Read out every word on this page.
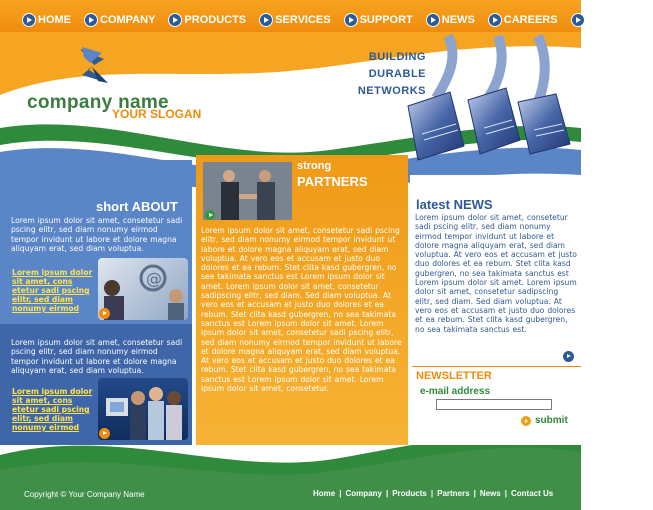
HOME	COMPANY	PRODUCTS	SERVICES	SUPPORT	NEWS	CAREERS	CONTACT US
company name
YOUR SLOGAN
BUILDING
DURABLE
NETWORKS
short ABOUT
Lorem ipsum dolor sit amet, consetetur sadi pscing elitr, sed diam nonumy eirmod tempor invidunt ut labore et dolore magna aliquyam erat, sed diam voluptua.
Lorem ipsum dolor sit amet, cons etetur sadi pscing elitr, sed diam nonumy eirmod
@
Lorem ipsum dolor sit amet, consetetur sadi pscing elitr, sed diam nonumy eirmod tempor invidunt ut labore et dolore magna aliquyam erat, sed diam voluptua.
Lorem ipsum dolor sit amet, cons etetur sadi pscing elitr, sed diam nonumy eirmod
strong
PARTNERS
Lorem ipsum dolor sit amet, consetetur sadi pscing elitr, sed diam nonumy eirmod tempor invidunt ut labore et dolore magna aliquyam erat, sed diam voluptua. At vero eos et accusam et justo duo dolores et ea rebum. Stet clita kasd gubergren, no sea takimata sanctus est Lorem ipsum dolor sit amet. Lorem ipsum dolor sit amet, consetetur sadipscing elitr, sed diam. Sed diam voluptua. At vero eos et accusam et justo duo dolores et ea rebum. Stet clita kasd gubergren, no sea takimata sanctus est Lorem ipsum dolor sit amet. Lorem ipsum dolor sit amet, consetetur sadi pscing elitr, sed diam nonumy eirmod tempor invidunt ut labore et dolore magna aliquyam erat, sed diam voluptua. At vero eos et accusam et justo duo dolores et ea rebum. Stet clita kasd gubergren, no sea takimata sanctus est Lorem ipsum dolor sit amet. Lorem ipsum dolor sit amet, consetetur.
latest NEWS
Lorem ipsum dolor sit amet, consetetur sadi pscing elitr, sed diam nonumy eirmod tempor invidunt ut labore et dolore magna aliquyam erat, sed diam voluptua. At vero eos et accusam et justo duo dolores et ea rebum. Stet clita kasd gubergren, no sea takimata sanctus est Lorem ipsum dolor sit amet. Lorem ipsum dolor sit amet, consetetur sadipscing elitr, sed diam. Sed diam voluptua. At vero eos et accusam et justo duo dolores et ea rebum. Stet clita kasd gubergren, no sea takimata sanctus est.
NEWSLETTER
e-mail address
submit
Copyright © Your Company Name	Home | Company | Products | Partners | News | Contact Us
